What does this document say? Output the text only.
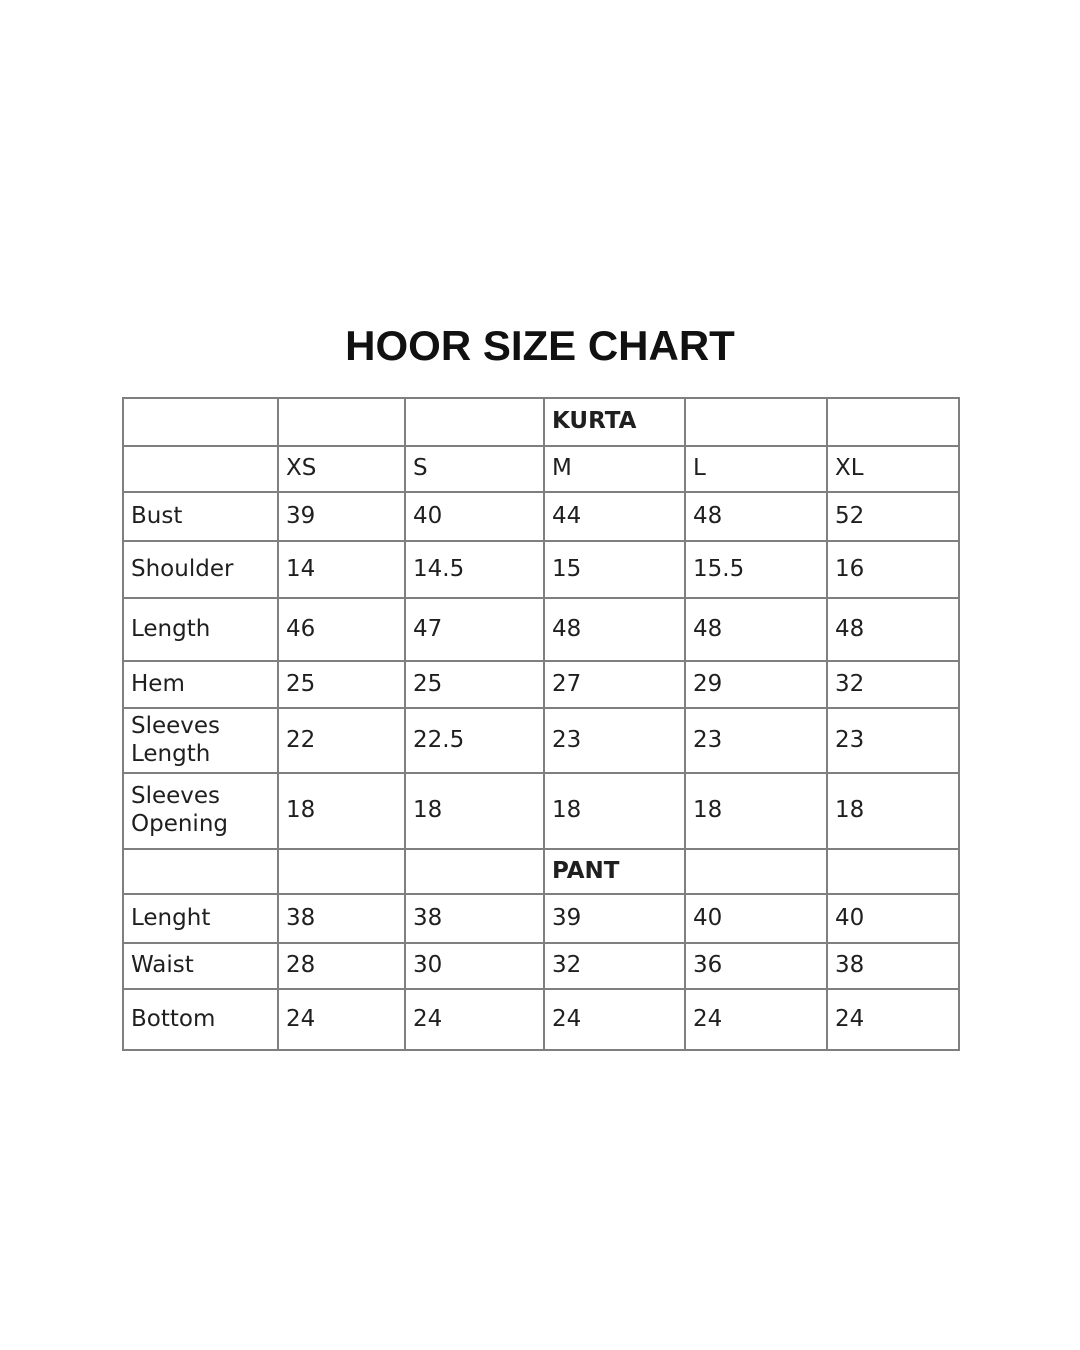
HOOR SIZE CHART
			KURTA		
	XS	S	M	L	XL
Bust	39	40	44	48	52
Shoulder	14	14.5	15	15.5	16
Length	46	47	48	48	48
Hem	25	25	27	29	32
Sleeves Length	22	22.5	23	23	23
Sleeves Opening	18	18	18	18	18
			PANT		
Lenght	38	38	39	40	40
Waist	28	30	32	36	38
Bottom	24	24	24	24	24
